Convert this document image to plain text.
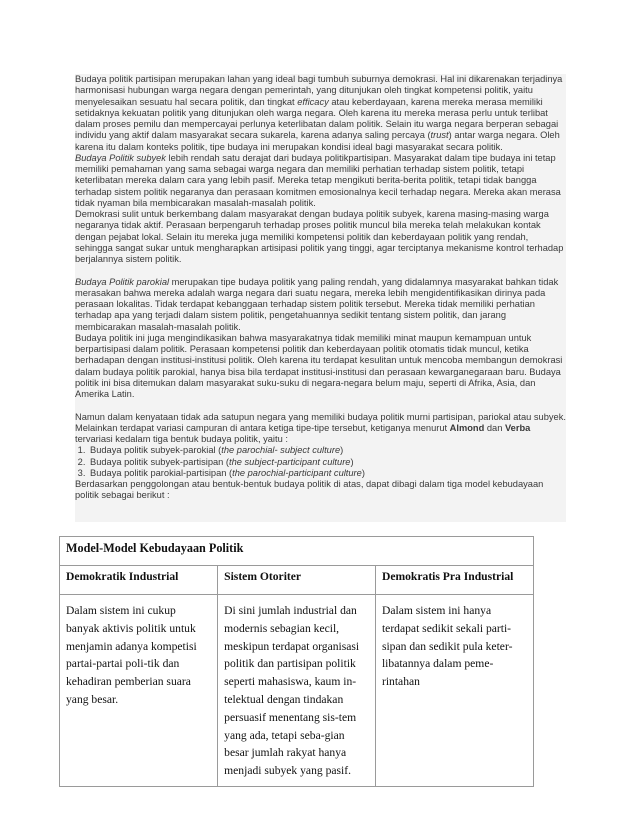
Budaya politik partisipan merupakan lahan yang ideal bagi tumbuh suburnya demokrasi. Hal ini dikarenakan terjadinya harmonisasi hubungan warga negara dengan pemerintah, yang ditunjukan oleh tingkat kompetensi politik, yaitu menyelesaikan sesuatu hal secara politik, dan tingkat efficacy atau keberdayaan, karena mereka merasa memiliki setidaknya kekuatan politik yang ditunjukan oleh warga negara. Oleh karena itu mereka merasa perlu untuk terlibat dalam proses pemilu dan mempercayai perlunya keterlibatan dalam politik. Selain itu warga negara berperan sebagai individu yang aktif dalam masyarakat secara sukarela, karena adanya saling percaya (trust) antar warga negara. Oleh karena itu dalam konteks politik, tipe budaya ini merupakan kondisi ideal bagi masyarakat secara politik.

Budaya Politik subyek lebih rendah satu derajat dari budaya politikpartisipan. Masyarakat dalam tipe budaya ini tetap memiliki pemahaman yang sama sebagai warga negara dan memiliki perhatian terhadap sistem politik, tetapi keterlibatan mereka dalam cara yang lebih pasif. Mereka tetap mengikuti berita-berita politik, tetapi tidak bangga terhadap sistem politik negaranya dan perasaan komitmen emosionalnya kecil terhadap negara. Mereka akan merasa tidak nyaman bila membicarakan masalah-masalah politik.

Demokrasi sulit untuk berkembang dalam masyarakat dengan budaya politik subyek, karena masing-masing warga negaranya tidak aktif. Perasaan berpengaruh terhadap proses politik muncul bila mereka telah melakukan kontak dengan pejabat lokal. Selain itu mereka juga memiliki kompetensi politik dan keberdayaan politik yang rendah, sehingga sangat sukar untuk mengharapkan artisipasi politik yang tinggi, agar terciptanya mekanisme kontrol terhadap berjalannya sistem politik.

Budaya Politik parokial merupakan tipe budaya politik yang paling rendah, yang didalamnya masyarakat bahkan tidak merasakan bahwa mereka adalah warga negara dari suatu negara, mereka lebih mengidentifikasikan dirinya pada perasaan lokalitas. Tidak terdapat kebanggaan terhadap sistem politik tersebut. Mereka tidak memiliki perhatian terhadap apa yang terjadi dalam sistem politik, pengetahuannya sedikit tentang sistem politik, dan jarang membicarakan masalah-masalah politik.

Budaya politik ini juga mengindikasikan bahwa masyarakatnya tidak memiliki minat maupun kemampuan untuk berpartisipasi dalam politik. Perasaan kompetensi politik dan keberdayaan politik otomatis tidak muncul, ketika berhadapan dengan institusi-institusi politik. Oleh karena itu terdapat kesulitan untuk mencoba membangun demokrasi dalam budaya politik parokial, hanya bisa bila terdapat institusi-institusi dan perasaan kewarganegaraan baru. Budaya politik ini bisa ditemukan dalam masyarakat suku-suku di negara-negara belum maju, seperti di Afrika, Asia, dan Amerika Latin.

Namun dalam kenyataan tidak ada satupun negara yang memiliki budaya politik murni partisipan, pariokal atau subyek. Melainkan terdapat variasi campuran di antara ketiga tipe-tipe tersebut, ketiganya menurut Almond dan Verba tervariasi kedalam tiga bentuk budaya politik, yaitu :

1. Budaya politik subyek-parokial (the parochial- subject culture)
2. Budaya politik subyek-partisipan (the subject-participant culture)
3. Budaya politik parokial-partisipan (the parochial-participant culture)

Berdasarkan penggolongan atau bentuk-bentuk budaya politik di atas, dapat dibagi dalam tiga model kebudayaan politik sebagai berikut :

Model-Model Kebudayaan Politik		
Demokratik Industrial	Sistem Otoriter	Demokratis Pra Industrial
Dalam sistem ini cukup banyak aktivis politik untuk menjamin adanya kompetisi partai-partai poli-tik dan kehadiran pemberian suara yang besar.	Di sini jumlah industrial dan modernis sebagian kecil, meskipun terdapat organisasi politik dan partisipan politik seperti mahasiswa, kaum in-telektual dengan tindakan persuasif menentang sis-tem yang ada, tetapi seba-gian besar jumlah rakyat hanya menjadi subyek yang pasif.	Dalam sistem ini hanya terdapat sedikit sekali parti-sipan dan sedikit pula keter-libatannya dalam peme-rintahan
